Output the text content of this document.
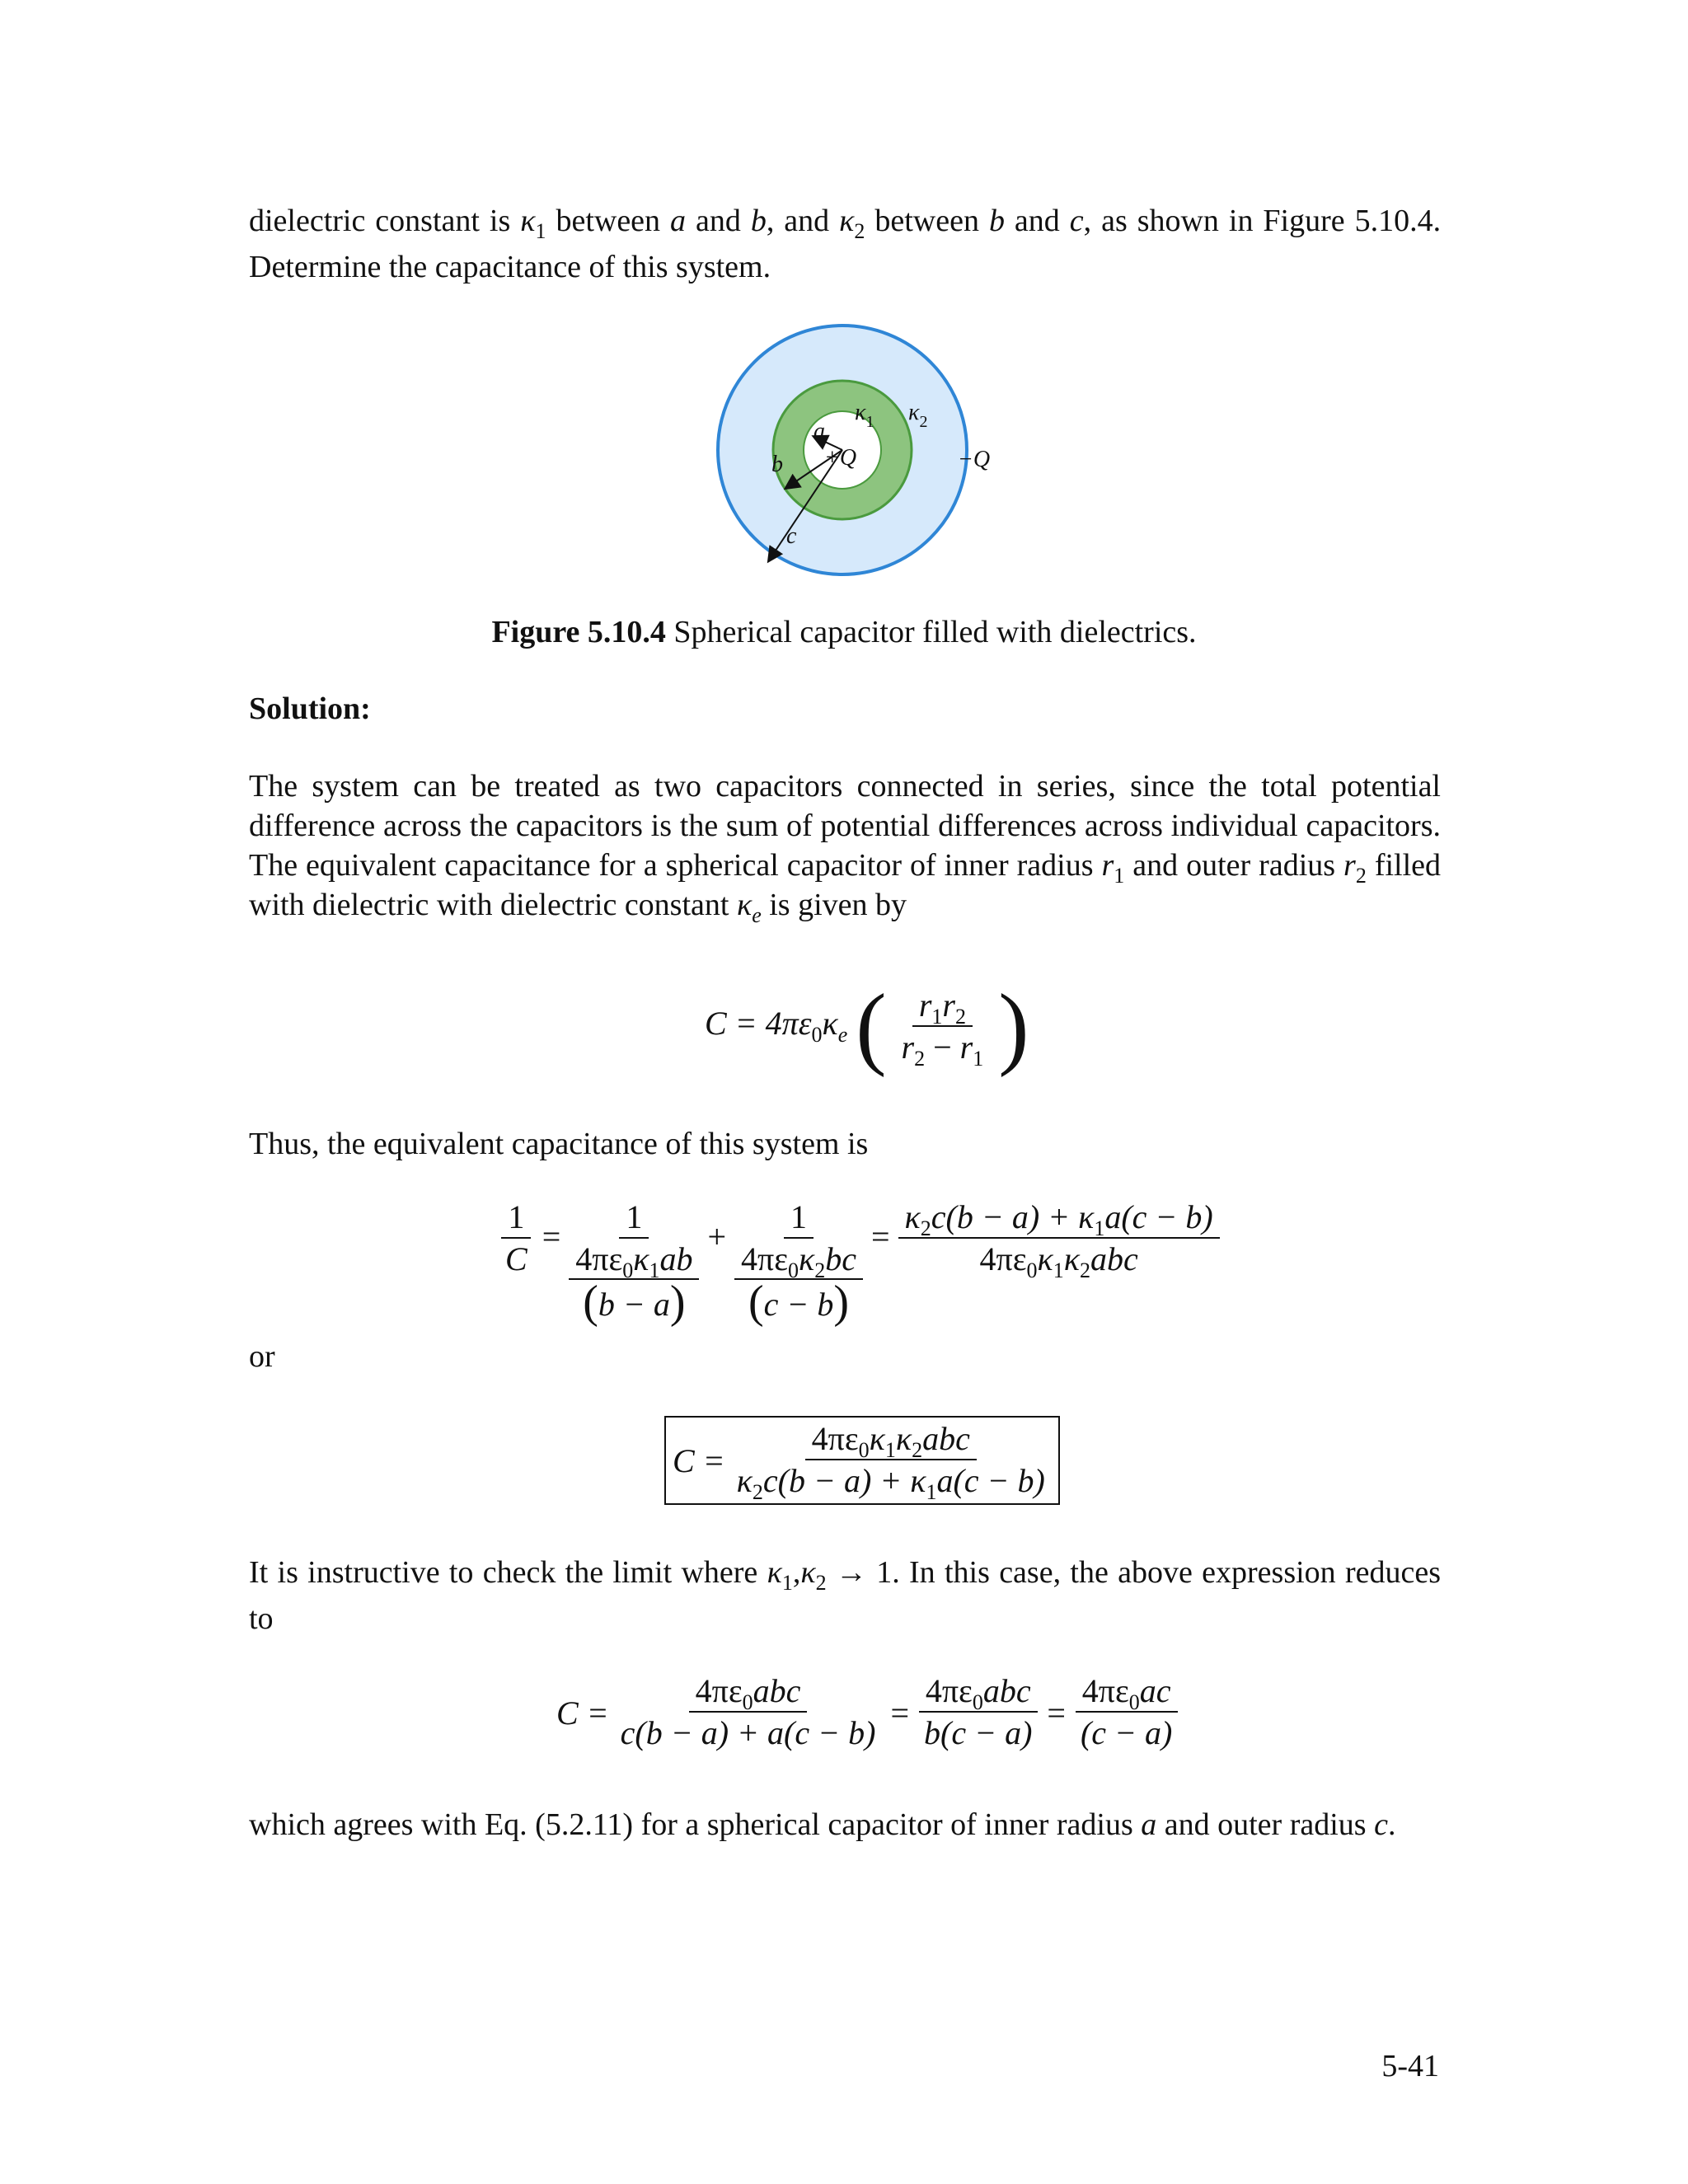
dielectric constant is $\kappa_1$ between a and b, and $\kappa_2$ between b and c, as shown in Figure 5.10.4. Determine the capacitance of this system.

$\kappa_1$ $\kappa_2$
−Q
+Q
a
b
c
Figure 5.10.4 Spherical capacitor filled with dielectrics.
Solution:

The system can be treated as two capacitors connected in series, since the total potential difference across the capacitors is the sum of potential differences across individual capacitors. The equivalent capacitance for a spherical capacitor of inner radius $r_1$ and outer radius $r_2$ filled with dielectric with dielectric constant $\kappa_e$ is given by

$C = 4\pi\varepsilon_0\kappa_e$ ( $\frac{r_1r_2}{r_2 - r_1}$ )

Thus, the equivalent capacitance of this system is

$\frac{1}{C}$ =
1
$4\pi\varepsilon_0\kappa_1ab$
(b − a)
+
1
$4\pi\varepsilon_0\kappa_2bc$
(c − b)
= $\frac{\kappa_2c(b - a) + \kappa_1a(c - b)}{4\pi\varepsilon_0\kappa_1\kappa_2abc}$
or
$C = \frac{4\pi\varepsilon_0\kappa_1\kappa_2abc}{\kappa_2c(b - a) + \kappa_1a(c - b)}$

It is instructive to check the limit where $\kappa_1,\kappa_2 \to 1$. In this case, the above expression reduces to

$C = \frac{4\pi\varepsilon_0abc}{c(b - a) + a(c - b)} = \frac{4\pi\varepsilon_0abc}{b(c - a)} = \frac{4\pi\varepsilon_0ac}{(c - a)}$

which agrees with Eq. (5.2.11) for a spherical capacitor of inner radius a and outer radius c.

5-41
